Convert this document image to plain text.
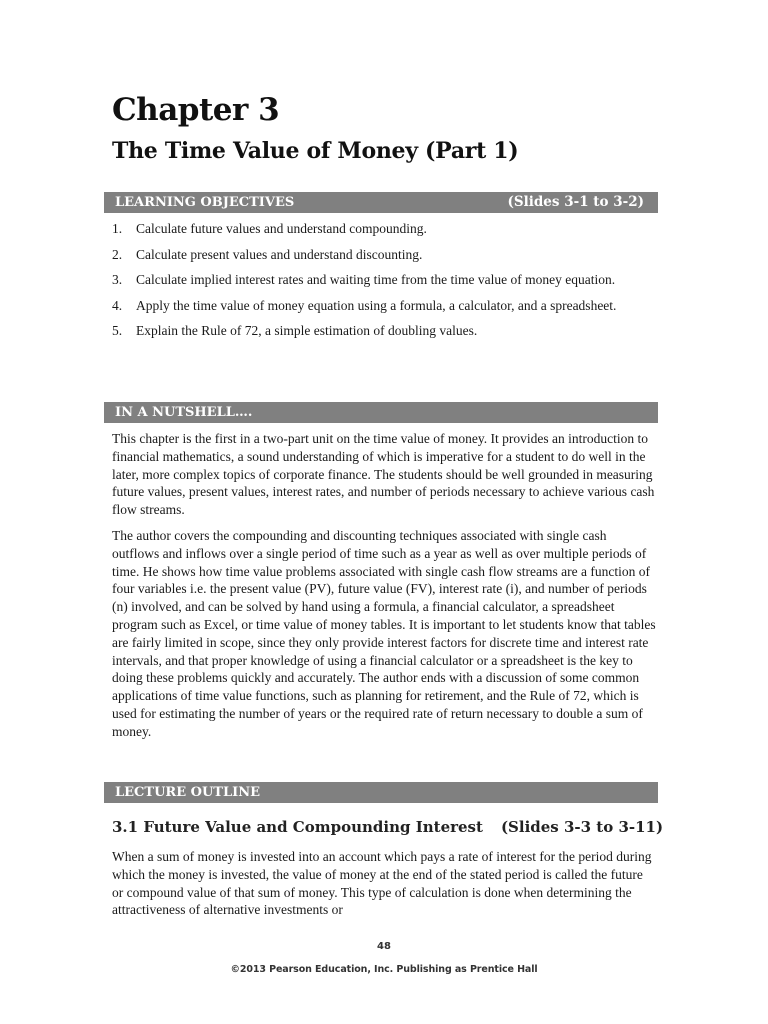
Chapter 3
The Time Value of Money (Part 1)
LEARNING OBJECTIVES	(Slides 3-1 to 3-2)
1. Calculate future values and understand compounding.
2. Calculate present values and understand discounting.
3. Calculate implied interest rates and waiting time from the time value of money equation.
4. Apply the time value of money equation using a formula, a calculator, and a spreadsheet.
5. Explain the Rule of 72, a simple estimation of doubling values.
IN A NUTSHELL….

This chapter is the first in a two-part unit on the time value of money. It provides an introduction to financial mathematics, a sound understanding of which is imperative for a student to do well in the later, more complex topics of corporate finance. The students should be well grounded in measuring future values, present values, interest rates, and number of periods necessary to achieve various cash flow streams.

The author covers the compounding and discounting techniques associated with single cash outflows and inflows over a single period of time such as a year as well as over multiple periods of time. He shows how time value problems associated with single cash flow streams are a function of four variables i.e. the present value (PV), future value (FV), interest rate (i), and number of periods (n) involved, and can be solved by hand using a formula, a financial calculator, a spreadsheet program such as Excel, or time value of money tables. It is important to let students know that tables are fairly limited in scope, since they only provide interest factors for discrete time and interest rate intervals, and that proper knowledge of using a financial calculator or a spreadsheet is the key to doing these problems quickly and accurately. The author ends with a discussion of some common applications of time value functions, such as planning for retirement, and the Rule of 72, which is used for estimating the number of years or the required rate of return necessary to double a sum of money.

LECTURE OUTLINE
3.1 Future Value and Compounding Interest (Slides 3-3 to 3-11)

When a sum of money is invested into an account which pays a rate of interest for the period during which the money is invested, the value of money at the end of the stated period is called the future or compound value of that sum of money. This type of calculation is done when determining the attractiveness of alternative investments or

48
©2013 Pearson Education, Inc. Publishing as Prentice Hall
